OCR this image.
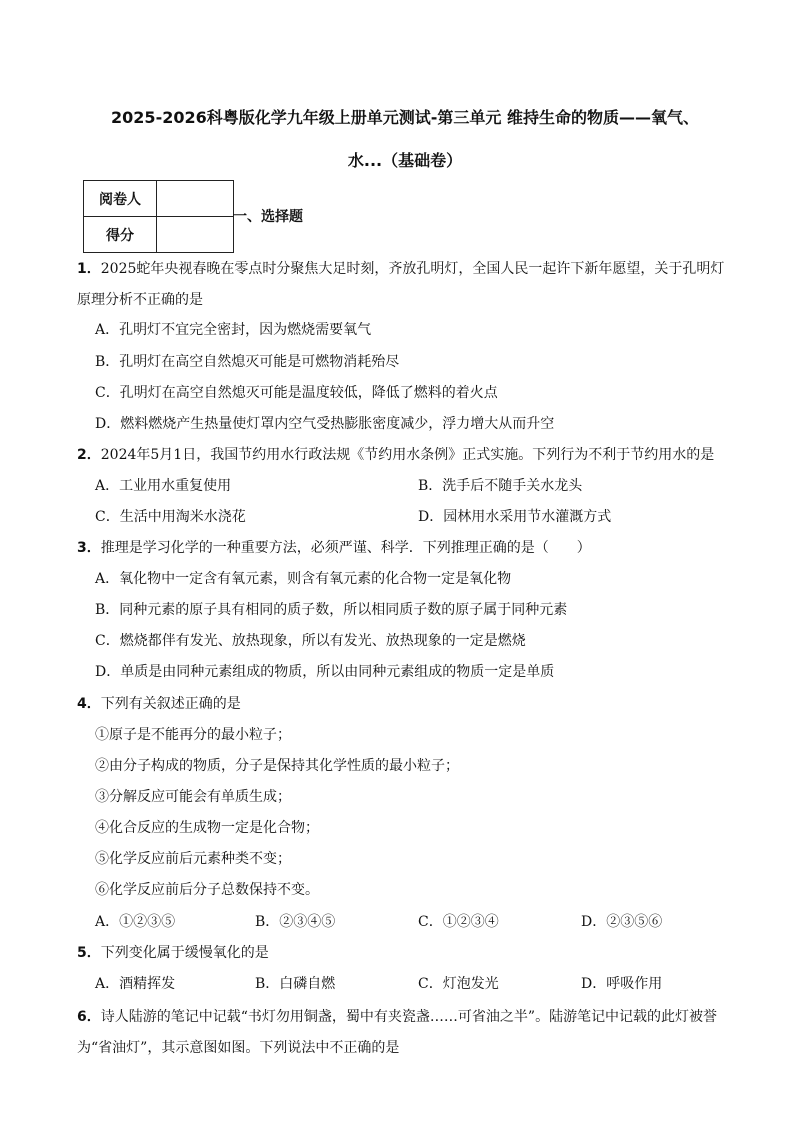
2025-2026科粤版化学九年级上册单元测试-第三单元 维持生命的物质——氧气、
水...（基础卷）
阅卷人	
得分	
一、选择题
1．2025蛇年央视春晚在零点时分聚焦大足时刻，齐放孔明灯，全国人民一起许下新年愿望，关于孔明灯
原理分析不正确的是
A．孔明灯不宜完全密封，因为燃烧需要氧气
B．孔明灯在高空自然熄灭可能是可燃物消耗殆尽
C．孔明灯在高空自然熄灭可能是温度较低，降低了燃料的着火点
D．燃料燃烧产生热量使灯罩内空气受热膨胀密度减少，浮力增大从而升空
2．2024年5月1日，我国节约用水行政法规《节约用水条例》正式实施。下列行为不利于节约用水的是
A．工业用水重复使用	B．洗手后不随手关水龙头
C．生活中用淘米水浇花	D．园林用水采用节水灌溉方式
3．推理是学习化学的一种重要方法，必须严谨、科学．下列推理正确的是（　　）
A．氧化物中一定含有氧元素，则含有氧元素的化合物一定是氧化物
B．同种元素的原子具有相同的质子数，所以相同质子数的原子属于同种元素
C．燃烧都伴有发光、放热现象，所以有发光、放热现象的一定是燃烧
D．单质是由同种元素组成的物质，所以由同种元素组成的物质一定是单质
4．下列有关叙述正确的是
①原子是不能再分的最小粒子；
②由分子构成的物质，分子是保持其化学性质的最小粒子；
③分解反应可能会有单质生成；
④化合反应的生成物一定是化合物；
⑤化学反应前后元素种类不变；
⑥化学反应前后分子总数保持不变。
A．①②③⑤	B．②③④⑤	C．①②③④	D．②③⑤⑥
5．下列变化属于缓慢氧化的是
A．酒精挥发	B．白磷自燃	C．灯泡发光	D．呼吸作用
6．诗人陆游的笔记中记载“书灯勿用铜盏，蜀中有夹瓷盏……可省油之半”。陆游笔记中记载的此灯被誉
为“省油灯”，其示意图如图。下列说法中不正确的是
